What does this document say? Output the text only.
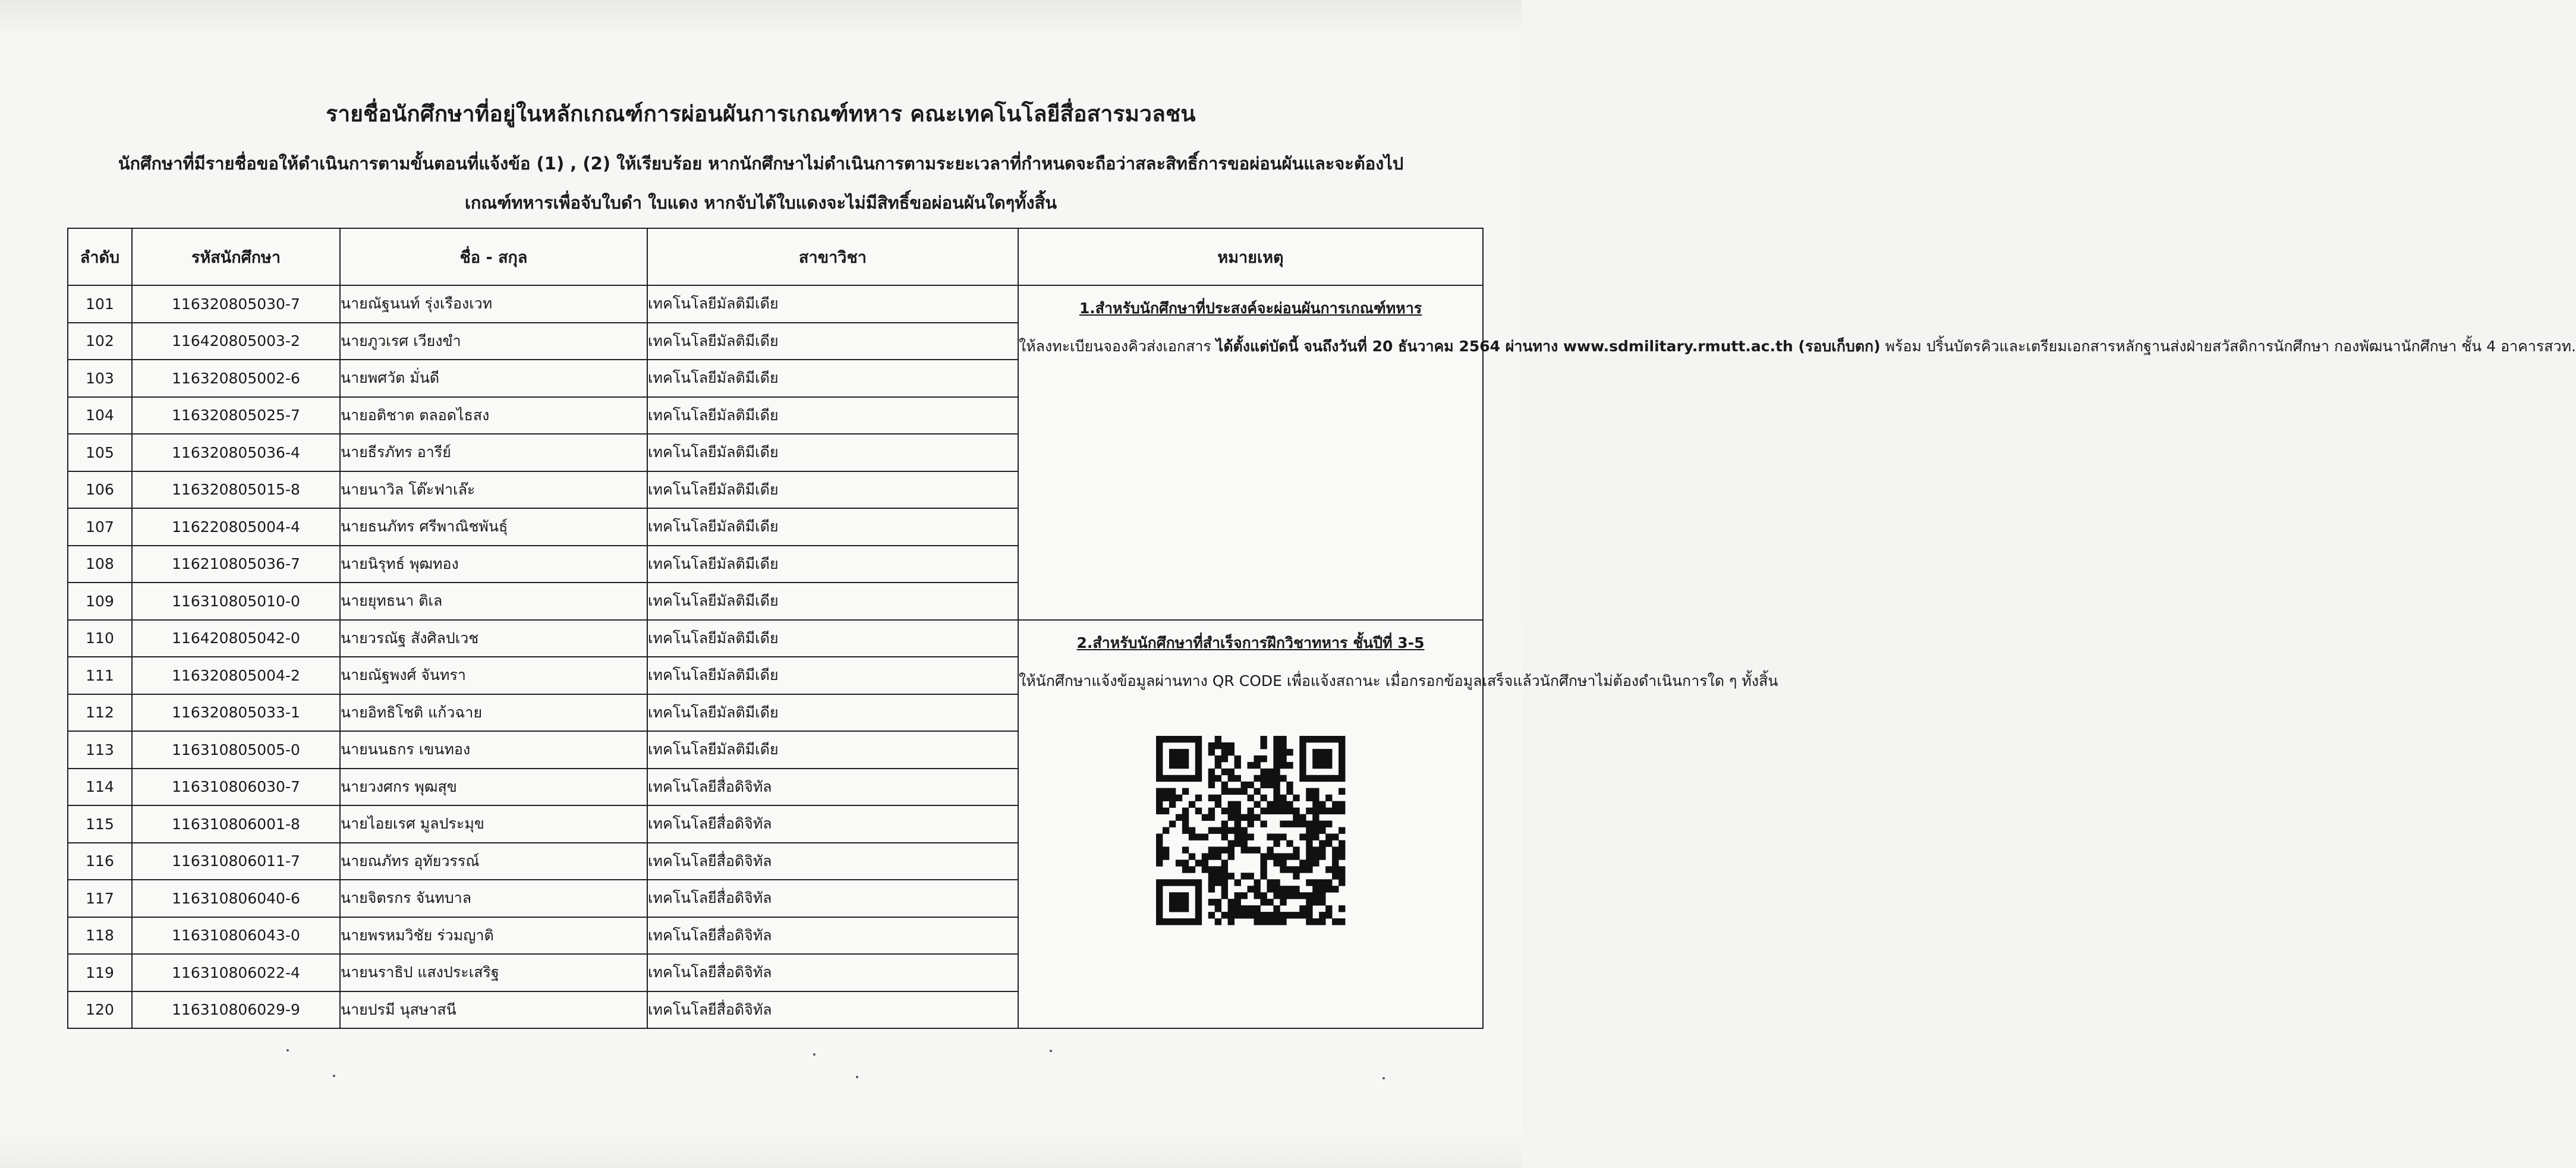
รายชื่อนักศึกษาที่อยู่ในหลักเกณฑ์การผ่อนผันการเกณฑ์ทหาร คณะเทคโนโลยีสื่อสารมวลชน
นักศึกษาที่มีรายชื่อขอให้ดำเนินการตามขั้นตอนที่แจ้งข้อ (1) , (2) ให้เรียบร้อย หากนักศึกษาไม่ดำเนินการตามระยะเวลาที่กำหนดจะถือว่าสละสิทธิ์การขอผ่อนผันและจะต้องไป
เกณฑ์ทหารเพื่อจับใบดำ ใบแดง หากจับได้ใบแดงจะไม่มีสิทธิ์ขอผ่อนผันใดๆทั้งสิ้น
ลำดับ	รหัสนักศึกษา	ชื่อ - สกุล	สาขาวิชา	หมายเหตุ
101	116320805030-7	นายณัฐนนท์ รุ่งเรืองเวท	เทคโนโลยีมัลติมีเดีย	1.สำหรับนักศึกษาที่ประสงค์จะผ่อนผันการเกณฑ์ทหาร
ให้ลงทะเบียนจองคิวส่งเอกสาร ได้ตั้งแต่บัดนี้ จนถึงวันที่ 20 ธันวาคม 2564 ผ่านทาง www.sdmilitary.rmutt.ac.th (รอบเก็บตก) พร้อม ปริ้นบัตรคิวและเตรียมเอกสารหลักฐานส่งฝ่ายสวัสดิการนักศึกษา กองพัฒนานักศึกษา ชั้น 4 อาคารสวท.

102	116420805003-2	นายภูวเรศ เวียงขำ	เทคโนโลยีมัลติมีเดีย	
103	116320805002-6	นายพศวัต มั่นดี	เทคโนโลยีมัลติมีเดีย	
104	116320805025-7	นายอติชาต ตลอดไธสง	เทคโนโลยีมัลติมีเดีย	
105	116320805036-4	นายธีรภัทร อารีย์	เทคโนโลยีมัลติมีเดีย	
106	116320805015-8	นายนาวิล โต๊ะฟาเล๊ะ	เทคโนโลยีมัลติมีเดีย	
107	116220805004-4	นายธนภัทร ศรีพาณิชพันธุ์	เทคโนโลยีมัลติมีเดีย	
108	116210805036-7	นายนิรุทธ์ พุฒทอง	เทคโนโลยีมัลติมีเดีย	
109	116310805010-0	นายยุทธนา ติเล	เทคโนโลยีมัลติมีเดีย	
110	116420805042-0	นายวรณัฐ สังศิลปเวช	เทคโนโลยีมัลติมีเดีย	2.สำหรับนักศึกษาที่สำเร็จการฝึกวิชาทหาร ชั้นปีที่ 3-5
ให้นักศึกษาแจ้งข้อมูลผ่านทาง QR CODE เพื่อแจ้งสถานะ เมื่อกรอกข้อมูลเสร็จแล้วนักศึกษาไม่ต้องดำเนินการใด ๆ ทั้งสิ้น

111	116320805004-2	นายณัฐพงศ์ จันทรา	เทคโนโลยีมัลติมีเดีย	
112	116320805033-1	นายอิทธิโชติ แก้วฉาย	เทคโนโลยีมัลติมีเดีย	
113	116310805005-0	นายนนธกร เขนทอง	เทคโนโลยีมัลติมีเดีย	
114	116310806030-7	นายวงศกร พุฒสุข	เทคโนโลยีสื่อดิจิทัล	
115	116310806001-8	นายไอยเรศ มูลประมุข	เทคโนโลยีสื่อดิจิทัล	
116	116310806011-7	นายณภัทร อุทัยวรรณ์	เทคโนโลยีสื่อดิจิทัล	
117	116310806040-6	นายจิตรกร จันทบาล	เทคโนโลยีสื่อดิจิทัล	
118	116310806043-0	นายพรหมวิชัย ร่วมญาติ	เทคโนโลยีสื่อดิจิทัล	
119	116310806022-4	นายนราธิป แสงประเสริฐ	เทคโนโลยีสื่อดิจิทัล	
120	116310806029-9	นายปรมี นุสษาสนี	เทคโนโลยีสื่อดิจิทัล	
